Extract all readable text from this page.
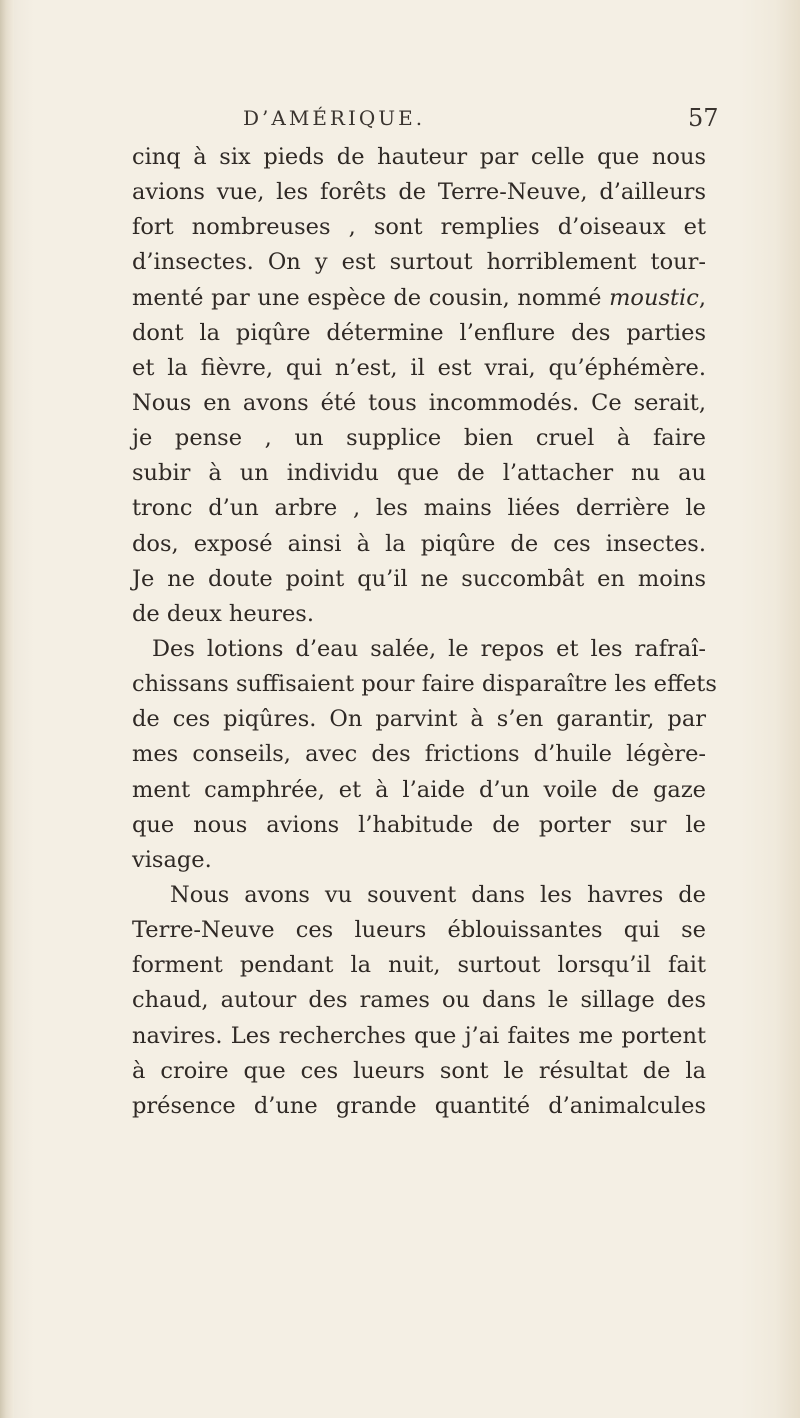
D’AMÉRIQUE.	57
cinq à six pieds de hauteur par celle que nous
avions vue, les forêts de Terre-Neuve, d’ailleurs
fort nombreuses , sont remplies d’oiseaux et
d’insectes. On y est surtout horriblement tour-
menté par une espèce de cousin, nommé moustic,
dont la piqûre détermine l’enflure des parties
et la fièvre, qui n’est, il est vrai, qu’éphémère.
Nous en avons été tous incommodés. Ce serait,
je pense , un supplice bien cruel à faire
subir à un individu que de l’attacher nu au
tronc d’un arbre , les mains liées derrière le
dos, exposé ainsi à la piqûre de ces insectes.
Je ne doute point qu’il ne succombât en moins
de deux heures.
Des lotions d’eau salée, le repos et les rafraî-
chissans suffisaient pour faire disparaître les effets
de ces piqûres. On parvint à s’en garantir, par
mes conseils, avec des frictions d’huile légère-
ment camphrée, et à l’aide d’un voile de gaze
que nous avions l’habitude de porter sur le
visage.
Nous avons vu souvent dans les havres de
Terre-Neuve ces lueurs éblouissantes qui se
forment pendant la nuit, surtout lorsqu’il fait
chaud, autour des rames ou dans le sillage des
navires. Les recherches que j’ai faites me portent
à croire que ces lueurs sont le résultat de la
présence d’une grande quantité d’animalcules
